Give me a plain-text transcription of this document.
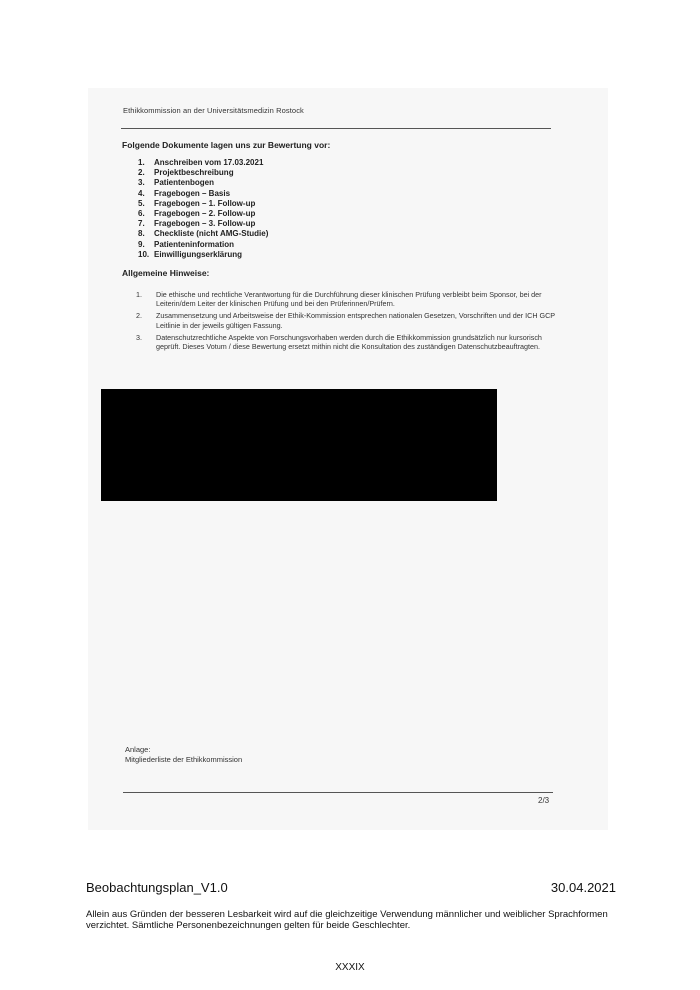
Ethikkommission an der Universitätsmedizin Rostock
Folgende Dokumente lagen uns zur Bewertung vor:
1.	Anschreiben vom 17.03.2021
2.	Projektbeschreibung
3.	Patientenbogen
4.	Fragebogen – Basis
5.	Fragebogen – 1. Follow-up
6.	Fragebogen – 2. Follow-up
7.	Fragebogen – 3. Follow-up
8.	Checkliste (nicht AMG-Studie)
9.	Patienteninformation
10. Einwilligungserklärung
Allgemeine Hinweise:
1.	Die ethische und rechtliche Verantwortung für die Durchführung dieser klinischen Prüfung verbleibt beim Sponsor, bei der Leiterin/dem Leiter der klinischen Prüfung und bei den Prüferinnen/Prüfern.
2.	Zusammensetzung und Arbeitsweise der Ethik-Kommission entsprechen nationalen Gesetzen, Vorschriften und der ICH GCP Leitlinie in der jeweils gültigen Fassung.
3.	Datenschutzrechtliche Aspekte von Forschungsvorhaben werden durch die Ethikkommission grundsätzlich nur kursorisch geprüft. Dieses Votum / diese Bewertung ersetzt mithin nicht die Konsultation des zuständigen Datenschutzbeauftragten.
Anlage:
Mitgliederliste der Ethikkommission
2/3
Beobachtungsplan_V1.0	30.04.2021
Allein aus Gründen der besseren Lesbarkeit wird auf die gleichzeitige Verwendung männlicher und weiblicher Sprachformen verzichtet. Sämtliche Personenbezeichnungen gelten für beide Geschlechter.
XXXIX
